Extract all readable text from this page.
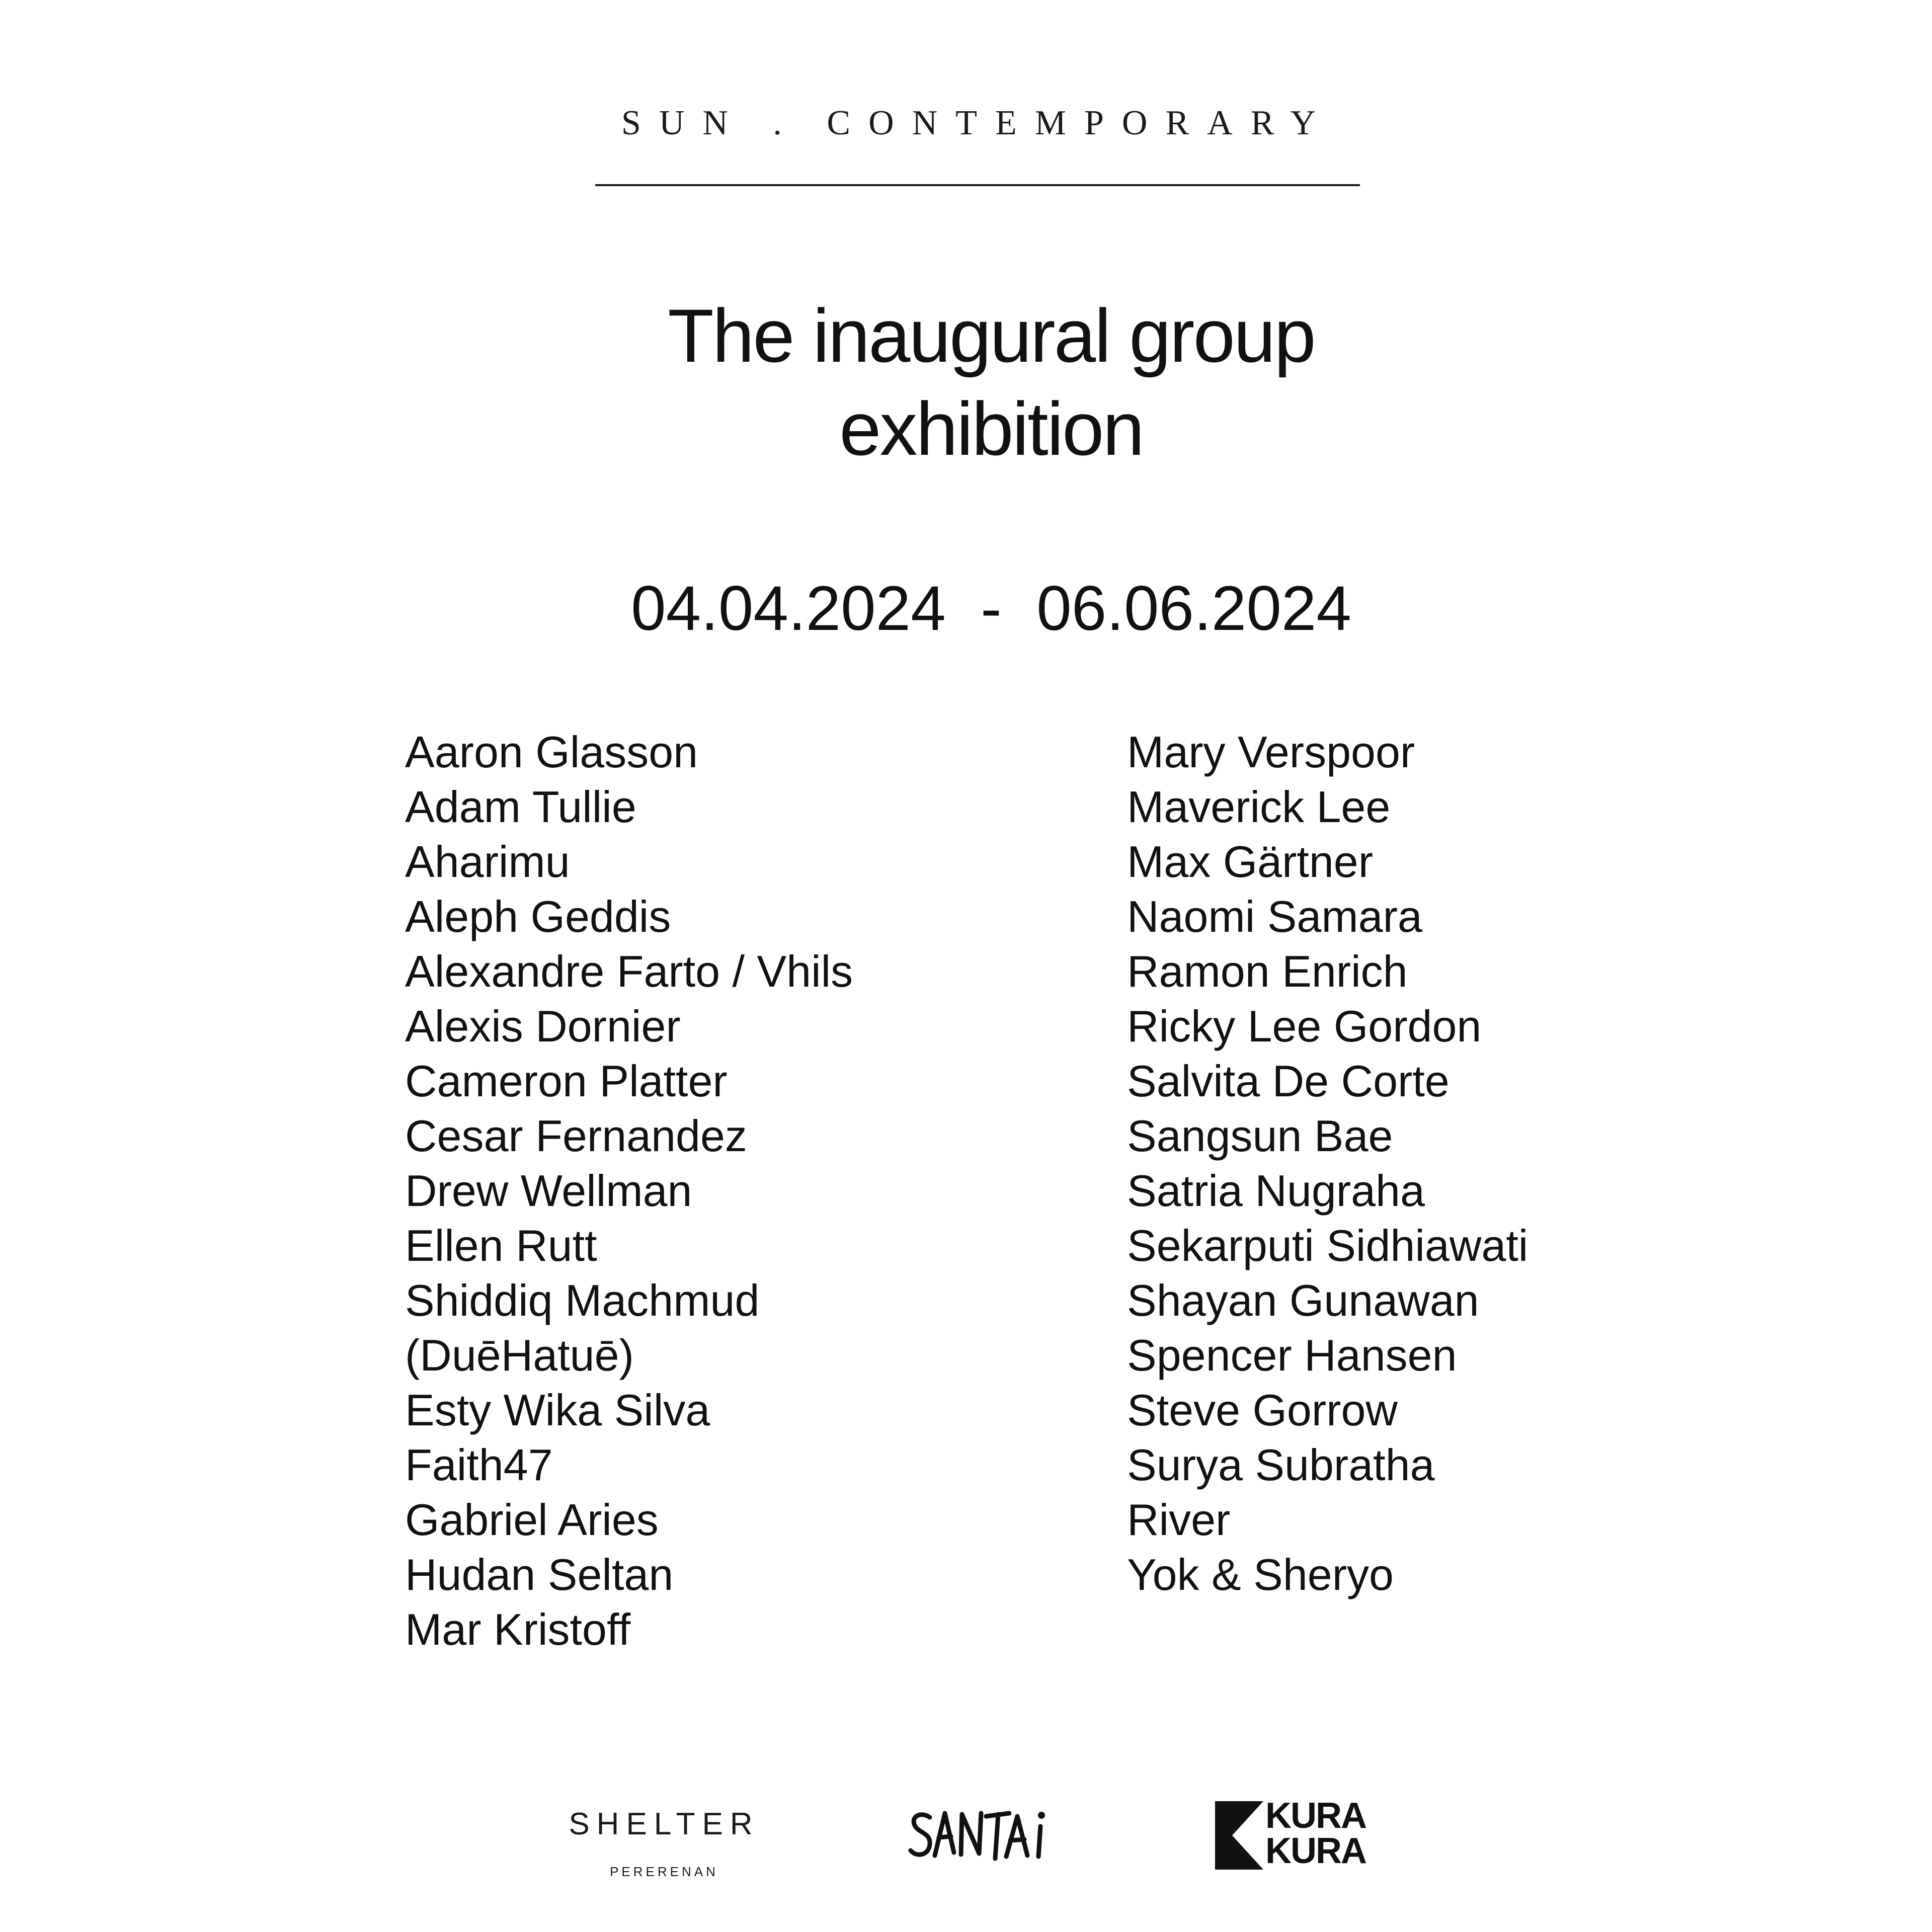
SUN . CONTEMPORARY
The inaugural group
exhibition
04.04.2024  -  06.06.2024
Aaron Glasson
Adam Tullie
Aharimu
Aleph Geddis
Alexandre Farto / Vhils
Alexis Dornier
Cameron Platter
Cesar Fernandez
Drew Wellman
Ellen Rutt
Shiddiq Machmud
(DuēHatuē)
Esty Wika Silva
Faith47
Gabriel Aries
Hudan Seltan
Mar Kristoff
Mary Verspoor
Maverick Lee
Max Gärtner
Naomi Samara
Ramon Enrich
Ricky Lee Gordon
Salvita De Corte
Sangsun Bae
Satria Nugraha
Sekarputi Sidhiawati
Shayan Gunawan
Spencer Hansen
Steve Gorrow
Surya Subratha
River
Yok & Sheryo
SHELTER
PERERENAN
KURA
KURA
